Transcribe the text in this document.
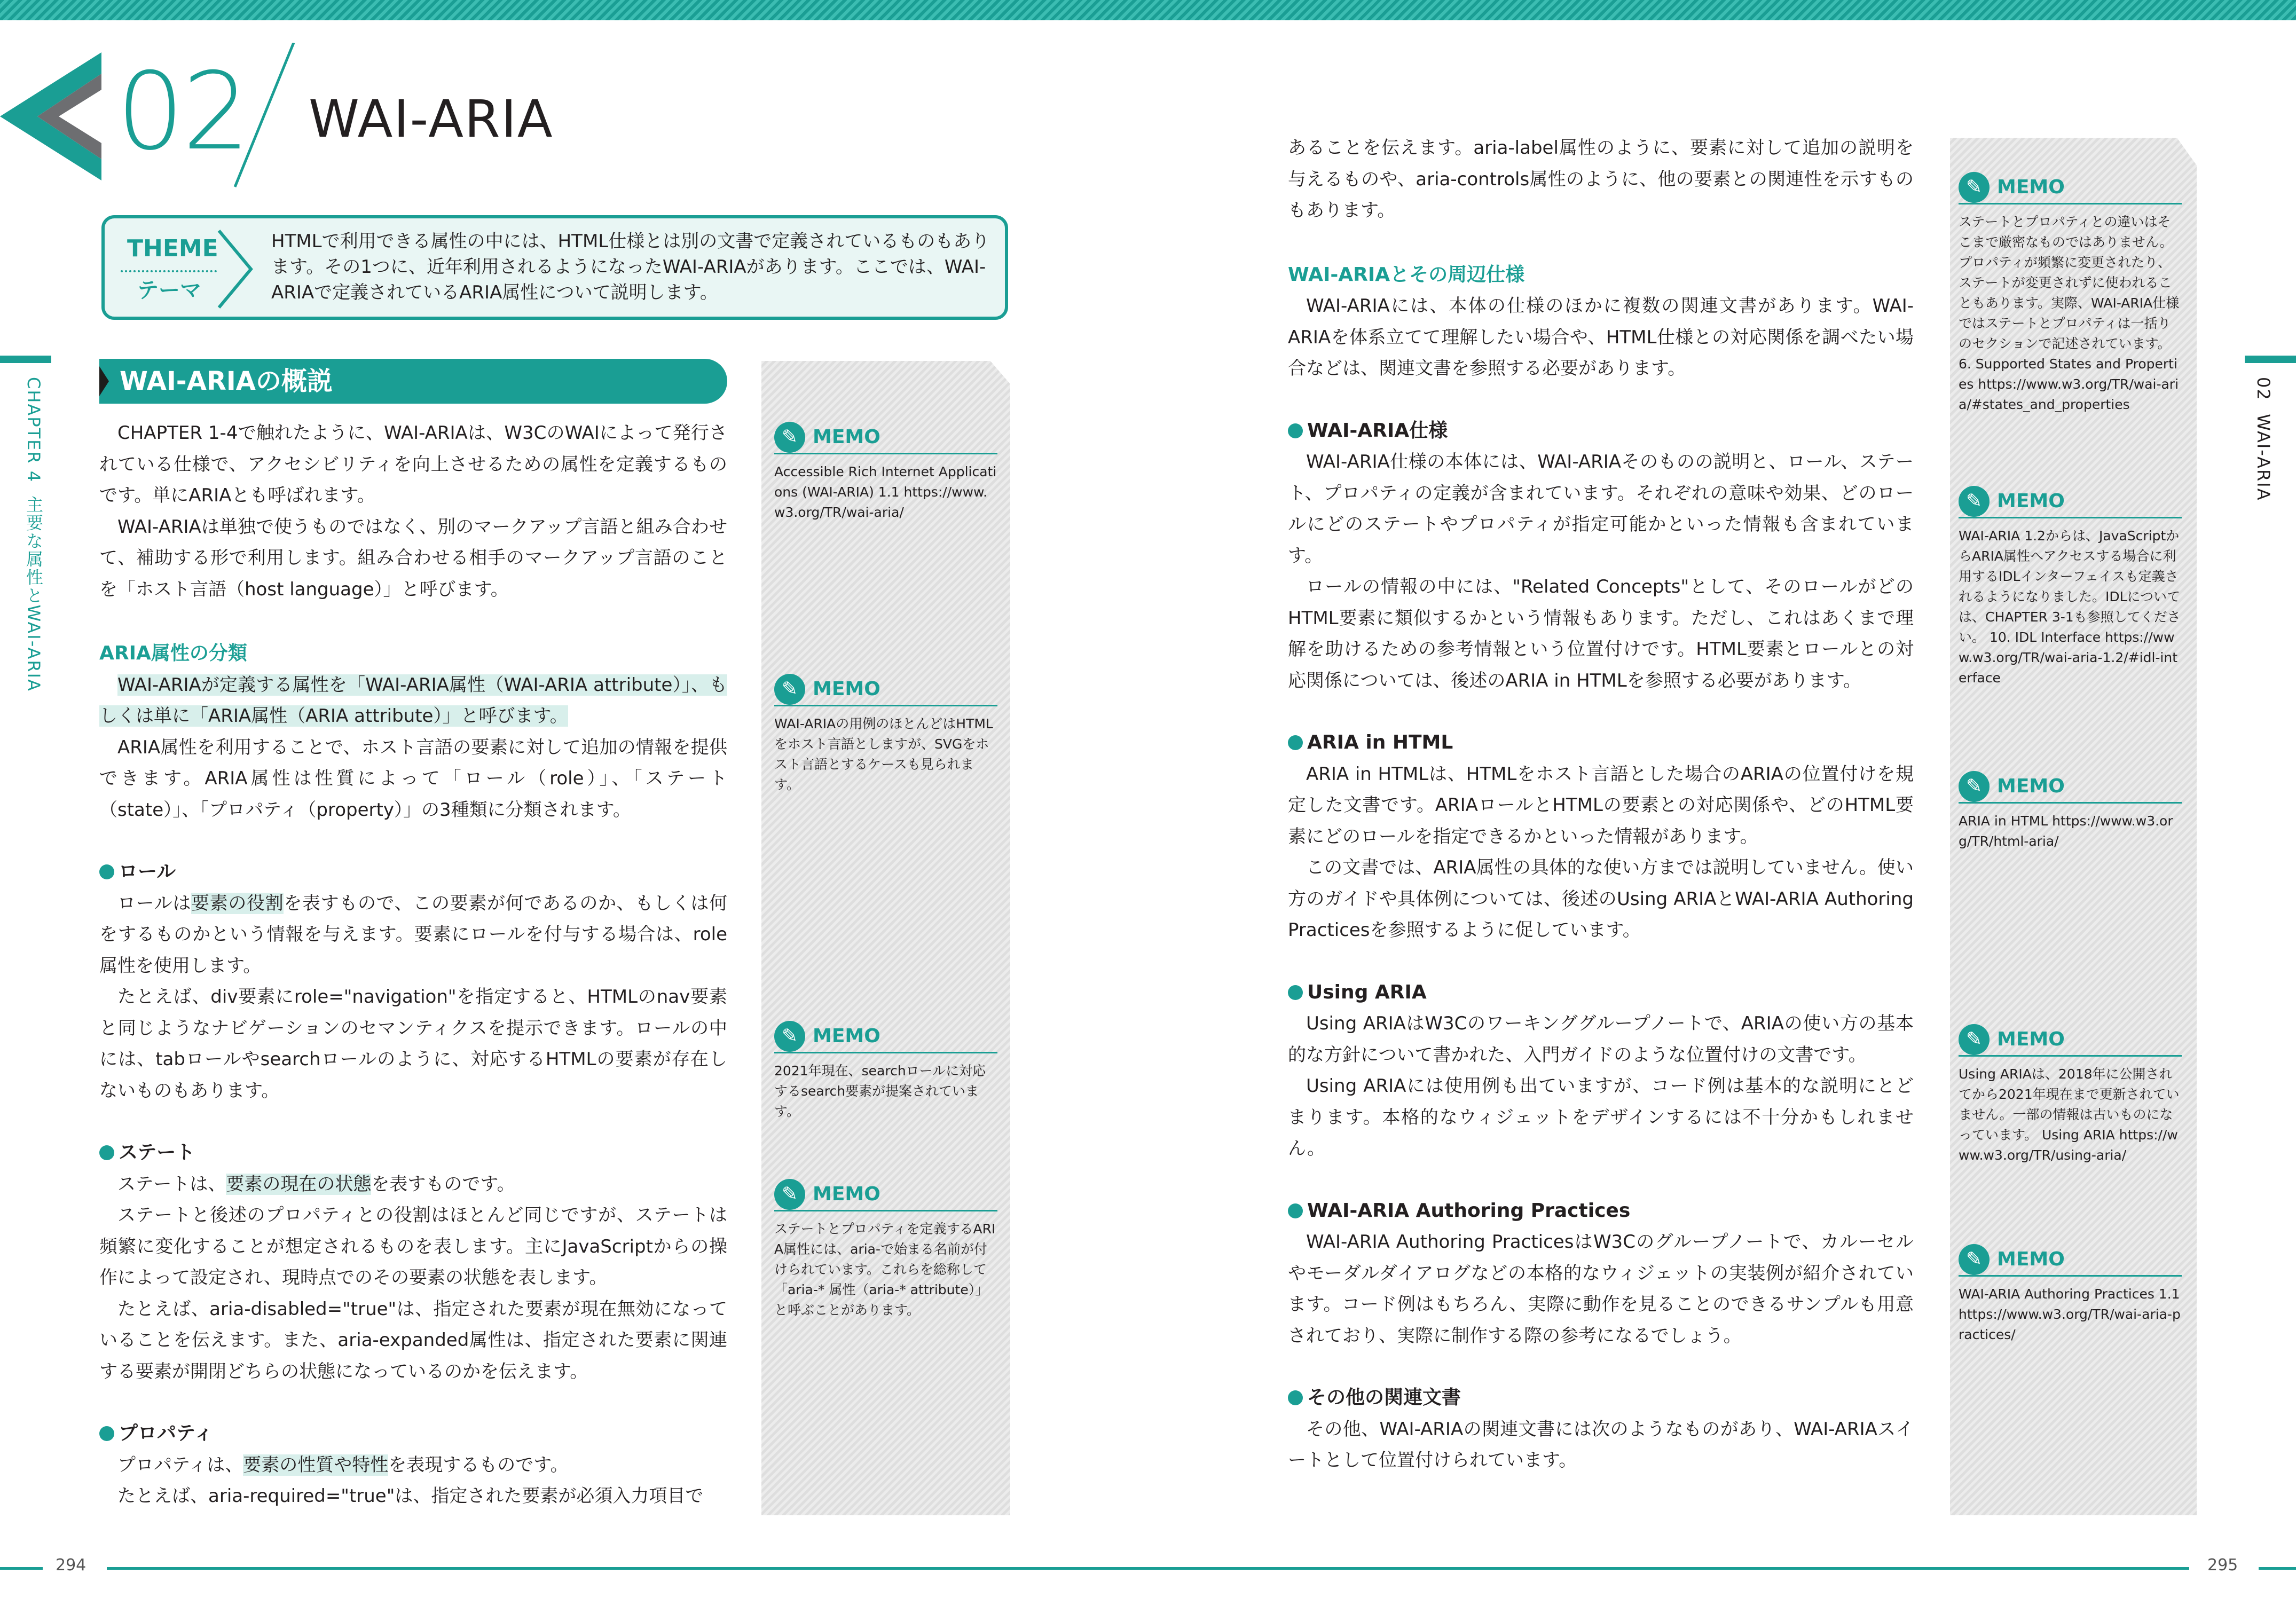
02 WAI-ARIA
THEME
テーマ
HTMLで利用できる属性の中には、HTML仕様とは別の文書で定義されているものもあります。その1つに、近年利用されるようになったWAI-ARIAがあります。ここでは、WAI-ARIAで定義されているARIA属性について説明します。
CHAPTER 4  主要な属性とWAI-ARIA
02  WAI-ARIA
WAI-ARIAの概説

CHAPTER 1-4で触れたように、WAI-ARIAは、W3CのWAIによって発行されている仕様で、アクセシビリティを向上させるための属性を定義するものです。単にARIAとも呼ばれます。

WAI-ARIAは単独で使うものではなく、別のマークアップ言語と組み合わせて、補助する形で利用します。組み合わせる相手のマークアップ言語のことを「ホスト言語（host language）」と呼びます。

ARIA属性の分類

WAI-ARIAが定義する属性を「WAI-ARIA属性（WAI-ARIA attribute）」、もしくは単に「ARIA属性（ARIA attribute）」と呼びます。

ARIA属性を利用することで、ホスト言語の要素に対して追加の情報を提供できます。ARIA属性は性質によって「ロール（role）」、「ステート（state）」、「プロパティ（property）」の3種類に分類されます。

ロール

ロールは要素の役割を表すもので、この要素が何であるのか、もしくは何をするものかという情報を与えます。要素にロールを付与する場合は、role属性を使用します。

たとえば、div要素にrole="navigation"を指定すると、HTMLのnav要素と同じようなナビゲーションのセマンティクスを提示できます。ロールの中には、tabロールやsearchロールのように、対応するHTMLの要素が存在しないものもあります。

ステート

ステートは、要素の現在の状態を表すものです。

ステートと後述のプロパティとの役割はほとんど同じですが、ステートは頻繁に変化することが想定されるものを表します。主にJavaScriptからの操作によって設定され、現時点でのその要素の状態を表します。

たとえば、aria-disabled="true"は、指定された要素が現在無効になっていることを伝えます。また、aria-expanded属性は、指定された要素に関連する要素が開閉どちらの状態になっているのかを伝えます。

プロパティ

プロパティは、要素の性質や特性を表現するものです。

たとえば、aria-required="true"は、指定された要素が必須入力項目で

✎ MEMO
Accessible Rich Internet Applications (WAI-ARIA) 1.1 https://www.w3.org/TR/wai-aria/
✎ MEMO
WAI-ARIAの用例のほとんどはHTMLをホスト言語としますが、SVGをホスト言語とするケースも見られます。
✎ MEMO
2021年現在、searchロールに対応するsearch要素が提案されています。
✎ MEMO
ステートとプロパティを定義するARIA属性には、aria-で始まる名前が付けられています。これらを総称して「aria-* 属性（aria-* attribute）」と呼ぶことがあります。
あることを伝えます。aria-label属性のように、要素に対して追加の説明を与えるものや、aria-controls属性のように、他の要素との関連性を示すものもあります。
WAI-ARIAとその周辺仕様

WAI-ARIAには、本体の仕様のほかに複数の関連文書があります。WAI-ARIAを体系立てて理解したい場合や、HTML仕様との対応関係を調べたい場合などは、関連文書を参照する必要があります。

WAI-ARIA仕様

WAI-ARIA仕様の本体には、WAI-ARIAそのものの説明と、ロール、ステート、プロパティの定義が含まれています。それぞれの意味や効果、どのロールにどのステートやプロパティが指定可能かといった情報も含まれています。

ロールの情報の中には、"Related Concepts"として、そのロールがどのHTML要素に類似するかという情報もあります。ただし、これはあくまで理解を助けるための参考情報という位置付けです。HTML要素とロールとの対応関係については、後述のARIA in HTMLを参照する必要があります。

ARIA in HTML

ARIA in HTMLは、HTMLをホスト言語とした場合のARIAの位置付けを規定した文書です。ARIAロールとHTMLの要素との対応関係や、どのHTML要素にどのロールを指定できるかといった情報があります。

この文書では、ARIA属性の具体的な使い方までは説明していません。使い方のガイドや具体例については、後述のUsing ARIAとWAI-ARIA Authoring Practicesを参照するように促しています。

Using ARIA

Using ARIAはW3Cのワーキンググループノートで、ARIAの使い方の基本的な方針について書かれた、入門ガイドのような位置付けの文書です。

Using ARIAには使用例も出ていますが、コード例は基本的な説明にとどまります。本格的なウィジェットをデザインするには不十分かもしれません。

WAI-ARIA Authoring Practices

WAI-ARIA Authoring PracticesはW3Cのグループノートで、カルーセルやモーダルダイアログなどの本格的なウィジェットの実装例が紹介されています。コード例はもちろん、実際に動作を見ることのできるサンプルも用意されており、実際に制作する際の参考になるでしょう。

その他の関連文書

その他、WAI-ARIAの関連文書には次のようなものがあり、WAI-ARIAスイートとして位置付けられています。

✎ MEMO
ステートとプロパティとの違いはそこまで厳密なものではありません。プロパティが頻繁に変更されたり、ステートが変更されずに使われることもあります。実際、WAI-ARIA仕様ではステートとプロパティは一括りのセクションで記述されています。 6. Supported States and Properties https://www.w3.org/TR/wai-aria/#states_and_properties
✎ MEMO
WAI-ARIA 1.2からは、JavaScriptからARIA属性へアクセスする場合に利用するIDLインターフェイスも定義されるようになりました。IDLについては、CHAPTER 3-1も参照してください。 10. IDL Interface https://www.w3.org/TR/wai-aria-1.2/#idl-interface
✎ MEMO
ARIA in HTML https://www.w3.org/TR/html-aria/
✎ MEMO
Using ARIAは、2018年に公開されてから2021年現在まで更新されていません。一部の情報は古いものになっています。 Using ARIA https://www.w3.org/TR/using-aria/
✎ MEMO
WAI-ARIA Authoring Practices 1.1 https://www.w3.org/TR/wai-aria-practices/
294	295
